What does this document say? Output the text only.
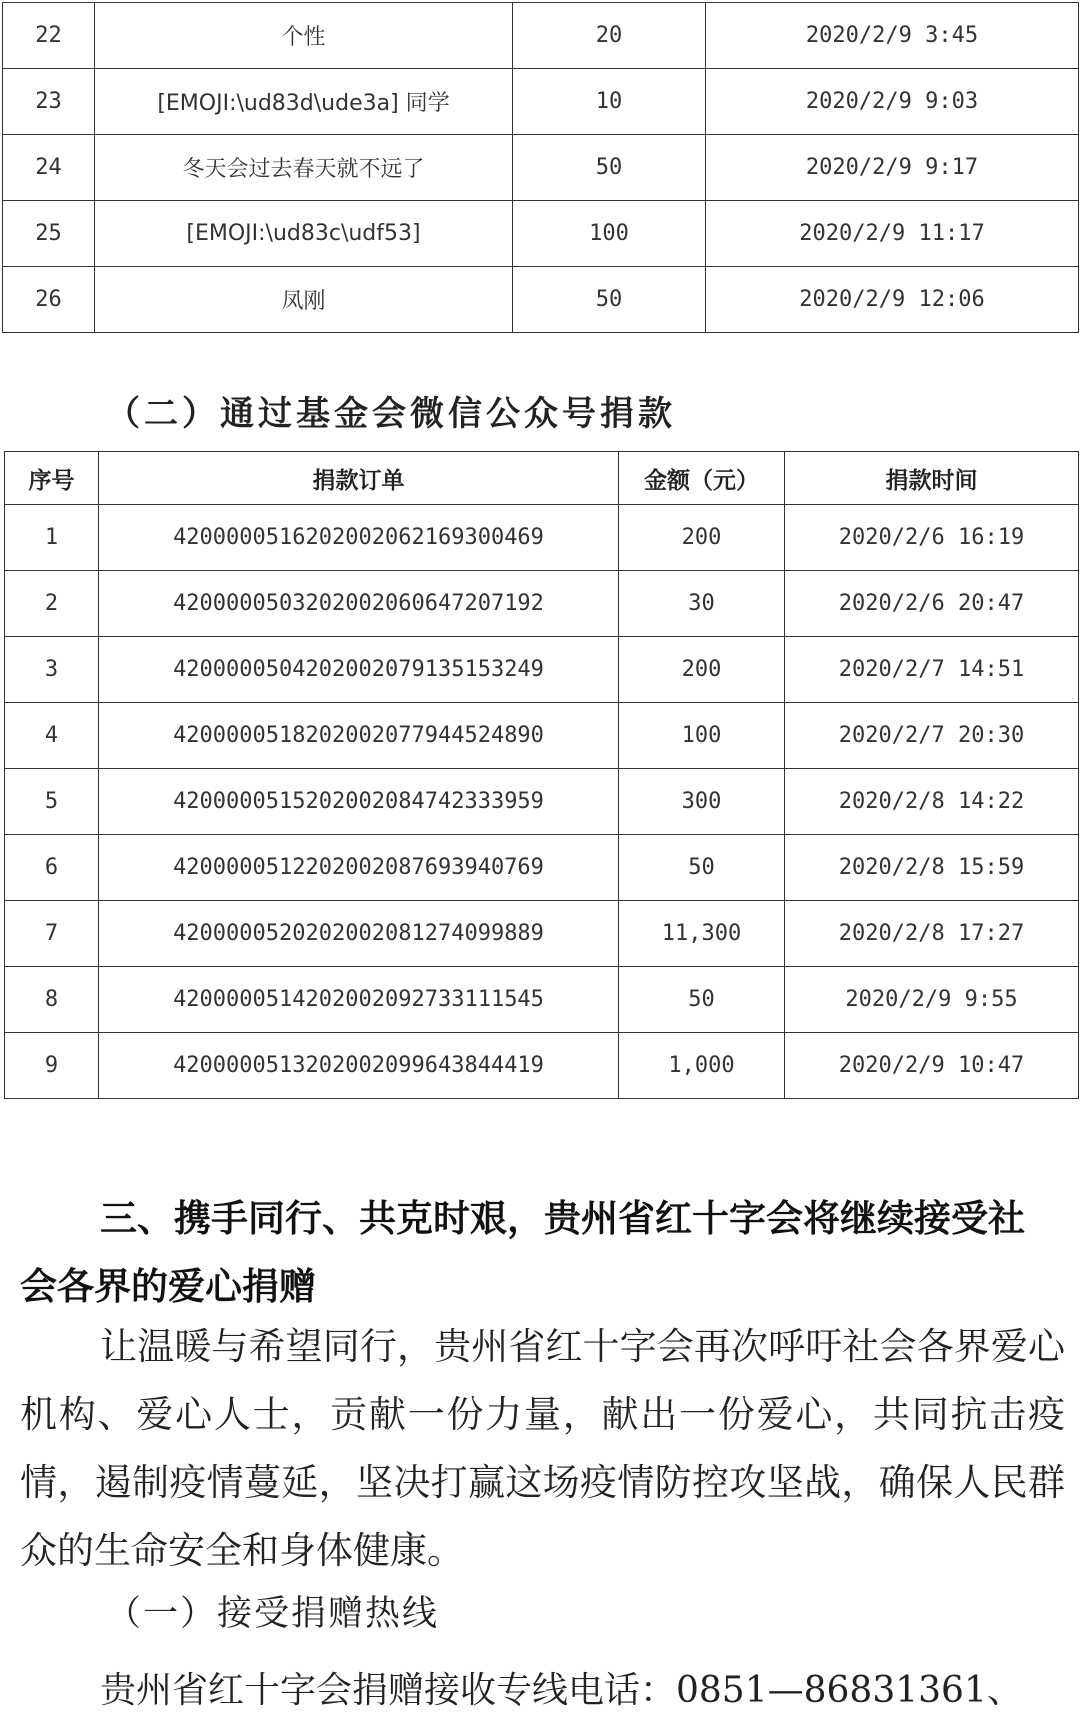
22	个性	20	2020/2/9 3:45
23	[EMOJI:\ud83d\ude3a] 同学	10	2020/2/9 9:03
24	冬天会过去春天就不远了	50	2020/2/9 9:17
25	[EMOJI:\ud83c\udf53]	100	2020/2/9 11:17
26	凤刚	50	2020/2/9 12:06
（二）通过基金会微信公众号捐款
序号	捐款订单	金额（元）	捐款时间
1	4200000516202002062169300469	200	2020/2/6 16:19
2	4200000503202002060647207192	30	2020/2/6 20:47
3	4200000504202002079135153249	200	2020/2/7 14:51
4	4200000518202002077944524890	100	2020/2/7 20:30
5	4200000515202002084742333959	300	2020/2/8 14:22
6	4200000512202002087693940769	50	2020/2/8 15:59
7	4200000520202002081274099889	11,300	2020/2/8 17:27
8	4200000514202002092733111545	50	2020/2/9 9:55
9	4200000513202002099643844419	1,000	2020/2/9 10:47
三、携手同行、共克时艰，贵州省红十字会将继续接受社会各界的爱心捐赠

让温暖与希望同行，贵州省红十字会再次呼吁社会各界爱心机构、爱心人士，贡献一份力量，献出一份爱心，共同抗击疫情，遏制疫情蔓延，坚决打赢这场疫情防控攻坚战，确保人民群众的生命安全和身体健康。

（一）接受捐赠热线

贵州省红十字会捐赠接收专线电话：0851—86831361、
